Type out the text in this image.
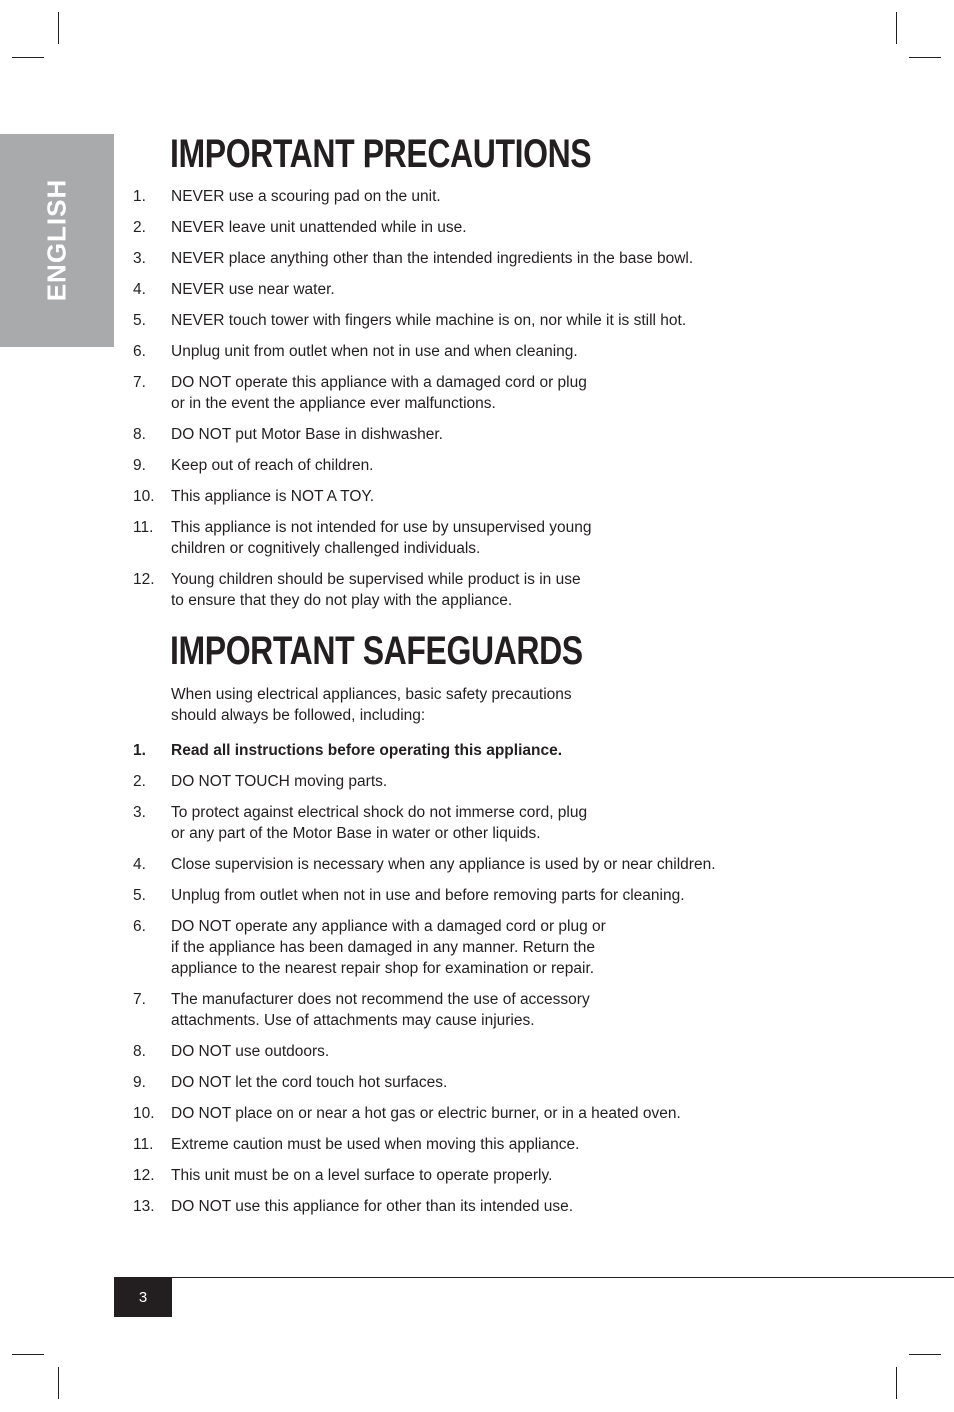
ENGLISH
IMPORTANT PRECAUTIONS
1. NEVER use a scouring pad on the unit.
2. NEVER leave unit unattended while in use.
3. NEVER place anything other than the intended ingredients in the base bowl.
4. NEVER use near water.
5. NEVER touch tower with fingers while machine is on, nor while it is still hot.
6. Unplug unit from outlet when not in use and when cleaning.
7. DO NOT operate this appliance with a damaged cord or plug
or in the event the appliance ever malfunctions.
8. DO NOT put Motor Base in dishwasher.
9. Keep out of reach of children.
10. This appliance is NOT A TOY.
11. This appliance is not intended for use by unsupervised young
children or cognitively challenged individuals.
12. Young children should be supervised while product is in use
to ensure that they do not play with the appliance.
IMPORTANT SAFEGUARDS

When using electrical appliances, basic safety precautions
should always be followed, including:

1. Read all instructions before operating this appliance.
2. DO NOT TOUCH moving parts.
3. To protect against electrical shock do not immerse cord, plug
or any part of the Motor Base in water or other liquids.
4. Close supervision is necessary when any appliance is used by or near children.
5. Unplug from outlet when not in use and before removing parts for cleaning.
6. DO NOT operate any appliance with a damaged cord or plug or
if the appliance has been damaged in any manner. Return the
appliance to the nearest repair shop for examination or repair.
7. The manufacturer does not recommend the use of accessory
attachments. Use of attachments may cause injuries.
8. DO NOT use outdoors.
9. DO NOT let the cord touch hot surfaces.
10. DO NOT place on or near a hot gas or electric burner, or in a heated oven.
11. Extreme caution must be used when moving this appliance.
12. This unit must be on a level surface to operate properly.
13. DO NOT use this appliance for other than its intended use.
3
